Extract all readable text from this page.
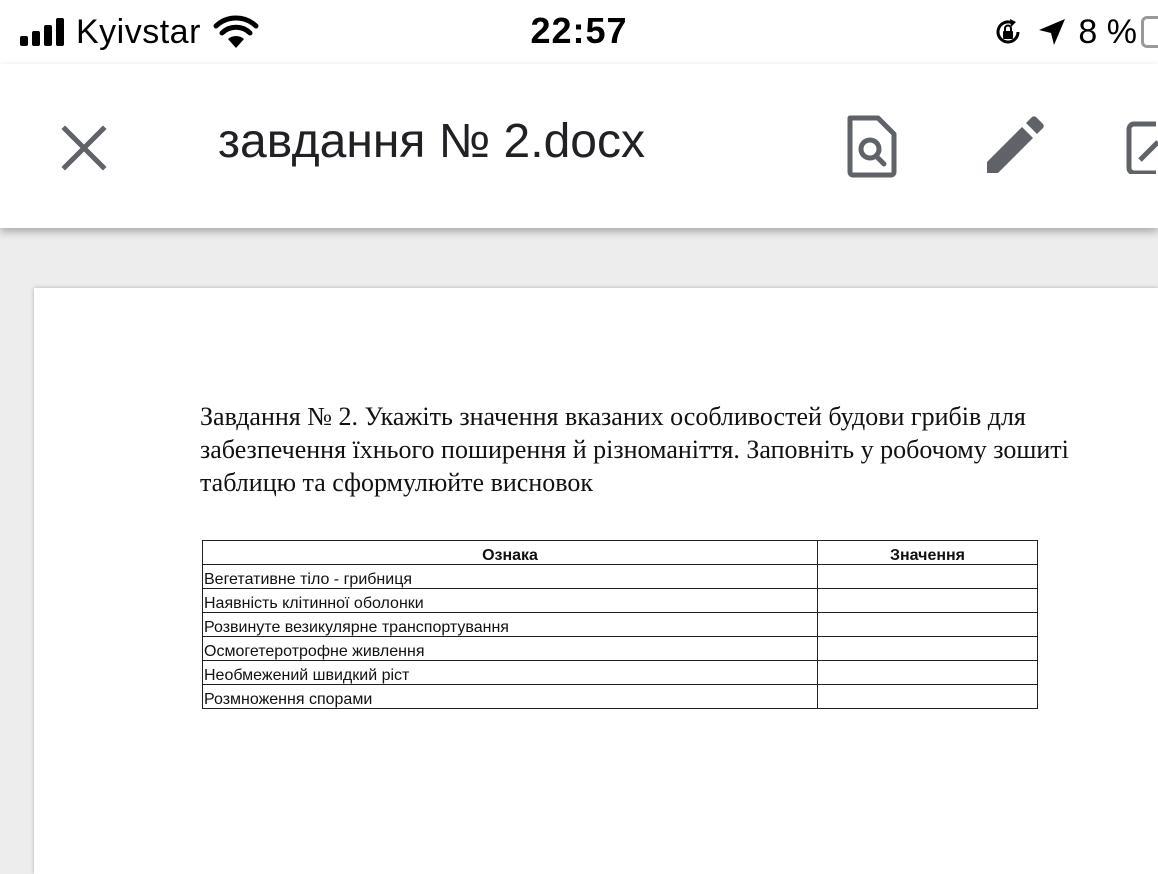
Kyivstar	22:57	8 %
завдання № 2.docx
Завдання № 2. Укажіть значення вказаних особливостей будови грибів для забезпечення їхнього поширення й різноманіття. Заповніть у робочому зошиті таблицю та сформулюйте висновок
Ознака	Значення
Вегетативне тіло - грибниця	
Наявність клітинної оболонки	
Розвинуте везикулярне транспортування	
Осмогетеротрофне живлення	
Необмежений швидкий ріст	
Розмноження спорами	
